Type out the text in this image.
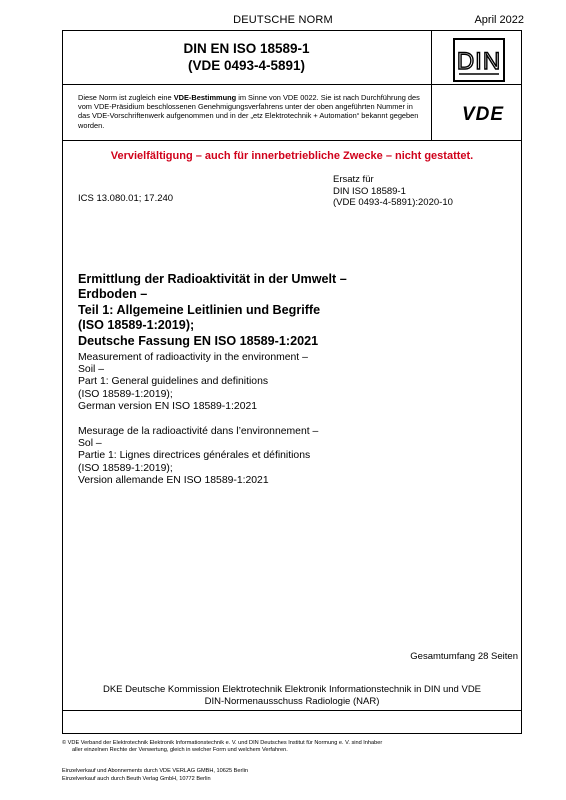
DEUTSCHE NORM	April 2022
DIN EN ISO 18589-1
(VDE 0493-4-5891)	DIN
Diese Norm ist zugleich eine VDE-Bestimmung im Sinne von VDE 0022. Sie ist nach Durchführung des vom VDE-Präsidium beschlossenen Genehmigungsverfahrens unter der oben angeführten Nummer in das VDE-Vorschriftenwerk aufgenommen und in der „etz Elektrotechnik + Automation“ bekannt gegeben worden.
VDE
Vervielfältigung – auch für innerbetriebliche Zwecke – nicht gestattet.
ICS 13.080.01; 17.240
Ersatz für
DIN ISO 18589-1
(VDE 0493-4-5891):2020-10
Ermittlung der Radioaktivität in der Umwelt –
Erdboden –
Teil 1: Allgemeine Leitlinien und Begriffe
(ISO 18589-1:2019);
Deutsche Fassung EN ISO 18589-1:2021
Measurement of radioactivity in the environment –
Soil –
Part 1: General guidelines and definitions
(ISO 18589-1:2019);
German version EN ISO 18589-1:2021
Mesurage de la radioactivité dans l’environnement –
Sol –
Partie 1: Lignes directrices générales et définitions
(ISO 18589-1:2019);
Version allemande EN ISO 18589-1:2021
Gesamtumfang 28 Seiten
DKE Deutsche Kommission Elektrotechnik Elektronik Informationstechnik in DIN und VDE
DIN-Normenausschuss Radiologie (NAR)
© VDE Verband der Elektrotechnik Elektronik Informationstechnik e. V. und DIN Deutsches Institut für Normung e. V. sind Inhaber
aller einzelnen Rechte der Verwertung, gleich in welcher Form und welchem Verfahren.
Einzelverkauf und Abonnements durch VDE VERLAG GMBH, 10625 Berlin
Einzelverkauf auch durch Beuth Verlag GmbH, 10772 Berlin
